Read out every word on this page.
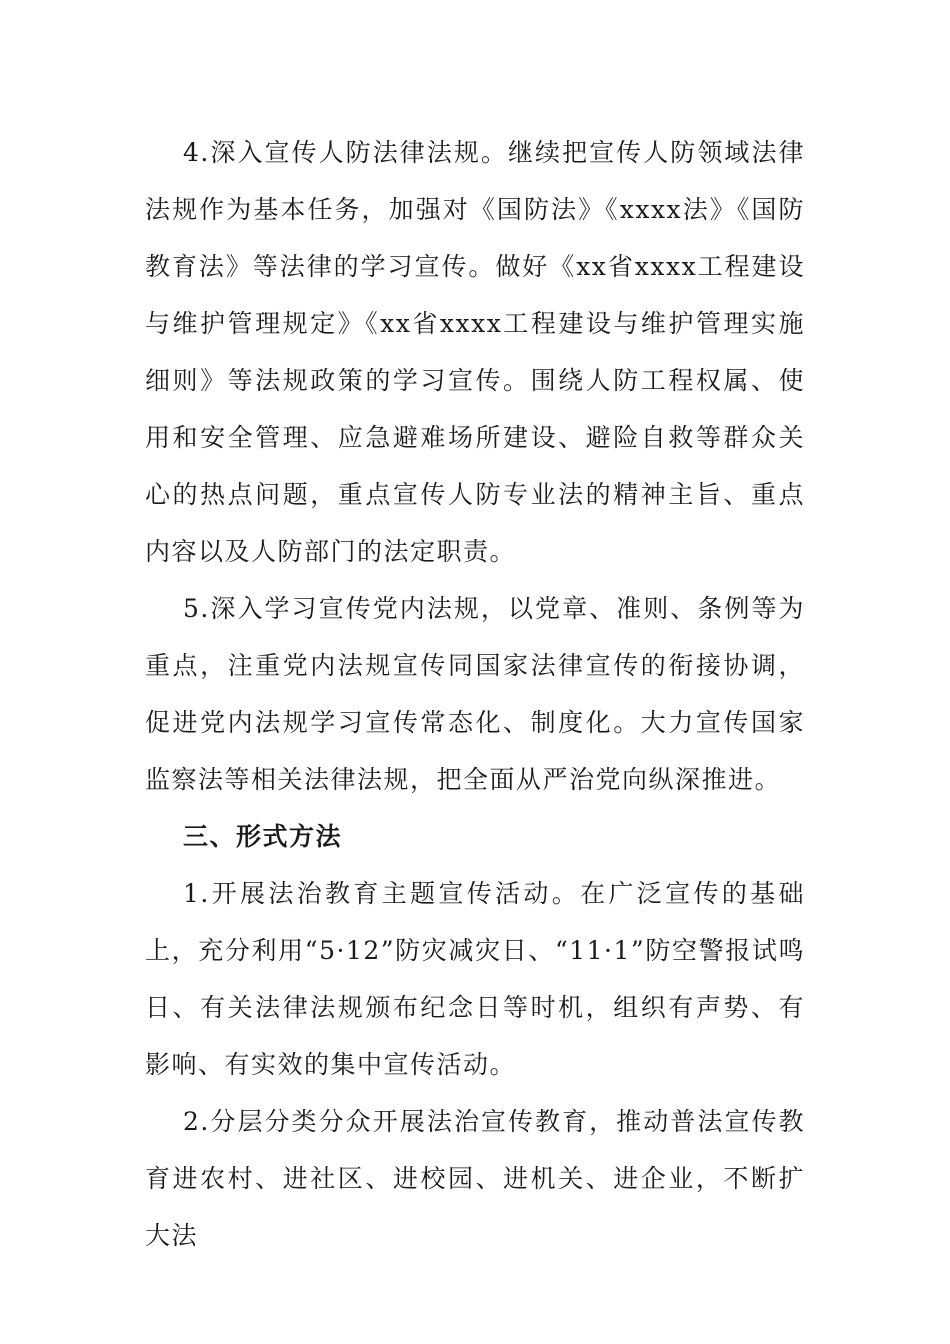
4.深入宣传人防法律法规。继续把宣传人防领域法律法规作为基本任务，加强对《国防法》《xxxx法》《国防教育法》等法律的学习宣传。做好《xx省xxxx工程建设与维护管理规定》《xx省xxxx工程建设与维护管理实施细则》等法规政策的学习宣传。围绕人防工程权属、使用和安全管理、应急避难场所建设、避险自救等群众关心的热点问题，重点宣传人防专业法的精神主旨、重点内容以及人防部门的法定职责。

5.深入学习宣传党内法规，以党章、准则、条例等为重点，注重党内法规宣传同国家法律宣传的衔接协调，促进党内法规学习宣传常态化、制度化。大力宣传国家监察法等相关法律法规，把全面从严治党向纵深推进。

三、形式方法

1.开展法治教育主题宣传活动。在广泛宣传的基础上，充分利用“5·12”防灾减灾日、“11·1”防空警报试鸣日、有关法律法规颁布纪念日等时机，组织有声势、有影响、有实效的集中宣传活动。

2.分层分类分众开展法治宣传教育，推动普法宣传教育进农村、进社区、进校园、进机关、进企业，不断扩大法
